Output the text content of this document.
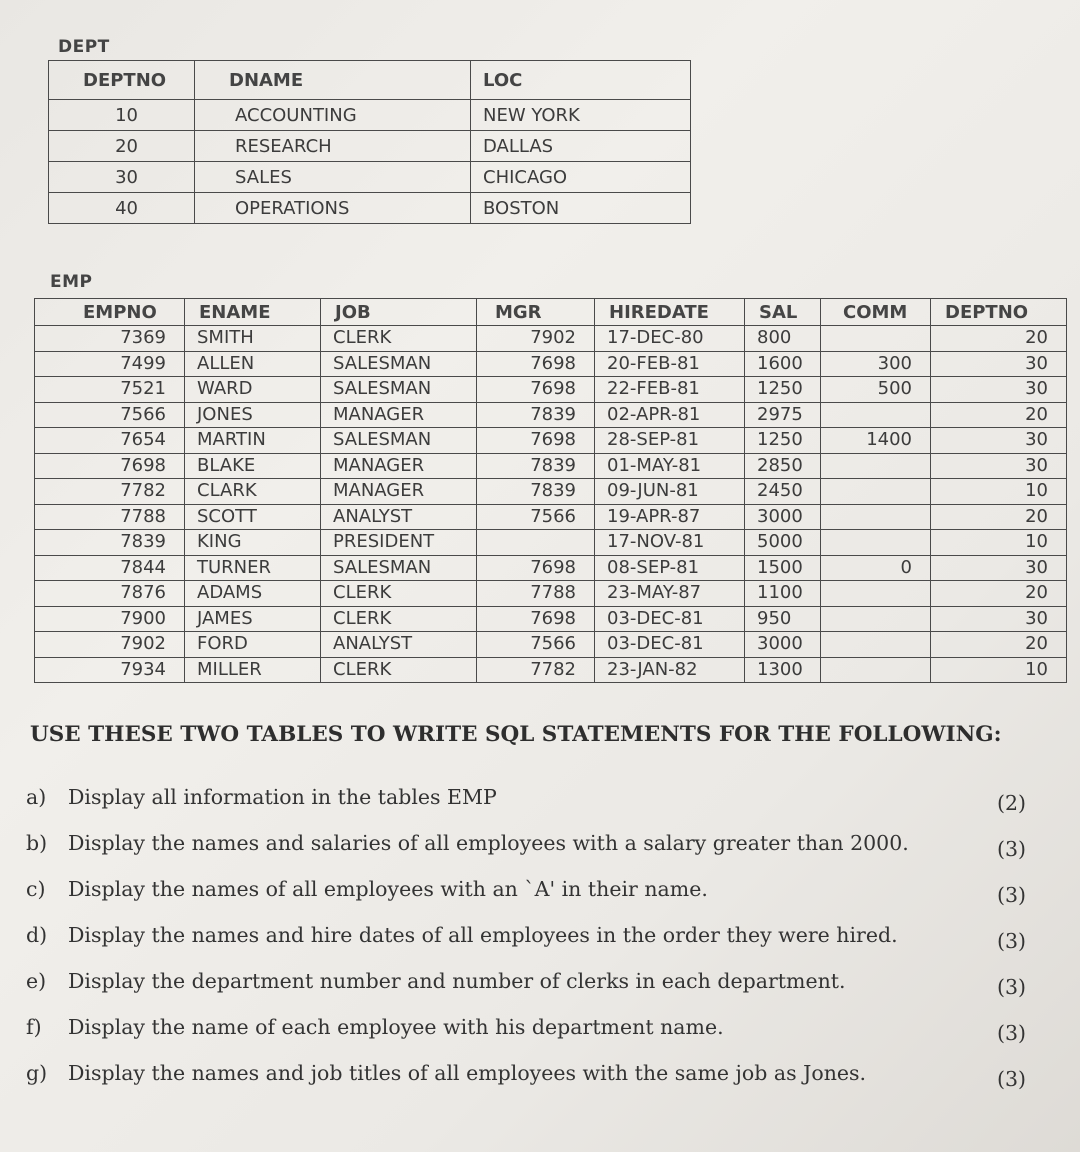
DEPT
DEPTNO	DNAME	LOC
10	ACCOUNTING	NEW YORK
20	RESEARCH	DALLAS
30	SALES	CHICAGO
40	OPERATIONS	BOSTON
EMP
EMPNO	ENAME	JOB	MGR	HIREDATE	SAL	COMM	DEPTNO
7369	SMITH	CLERK	7902	17-DEC-80	800		20
7499	ALLEN	SALESMAN	7698	20-FEB-81	1600	300	30
7521	WARD	SALESMAN	7698	22-FEB-81	1250	500	30
7566	JONES	MANAGER	7839	02-APR-81	2975		20
7654	MARTIN	SALESMAN	7698	28-SEP-81	1250	1400	30
7698	BLAKE	MANAGER	7839	01-MAY-81	2850		30
7782	CLARK	MANAGER	7839	09-JUN-81	2450		10
7788	SCOTT	ANALYST	7566	19-APR-87	3000		20
7839	KING	PRESIDENT		17-NOV-81	5000		10
7844	TURNER	SALESMAN	7698	08-SEP-81	1500	0	30
7876	ADAMS	CLERK	7788	23-MAY-87	1100		20
7900	JAMES	CLERK	7698	03-DEC-81	950		30
7902	FORD	ANALYST	7566	03-DEC-81	3000		20
7934	MILLER	CLERK	7782	23-JAN-82	1300		10
USE THESE TWO TABLES TO WRITE SQL STATEMENTS FOR THE FOLLOWING:
a) Display all information in the tables EMP	(2)
b) Display the names and salaries of all employees with a salary greater than 2000.	(3)
c) Display the names of all employees with an `A' in their name.	(3)
d) Display the names and hire dates of all employees in the order they were hired.	(3)
e) Display the department number and number of clerks in each department.	(3)
f) Display the name of each employee with his department name.	(3)
g) Display the names and job titles of all employees with the same job as Jones.	(3)
